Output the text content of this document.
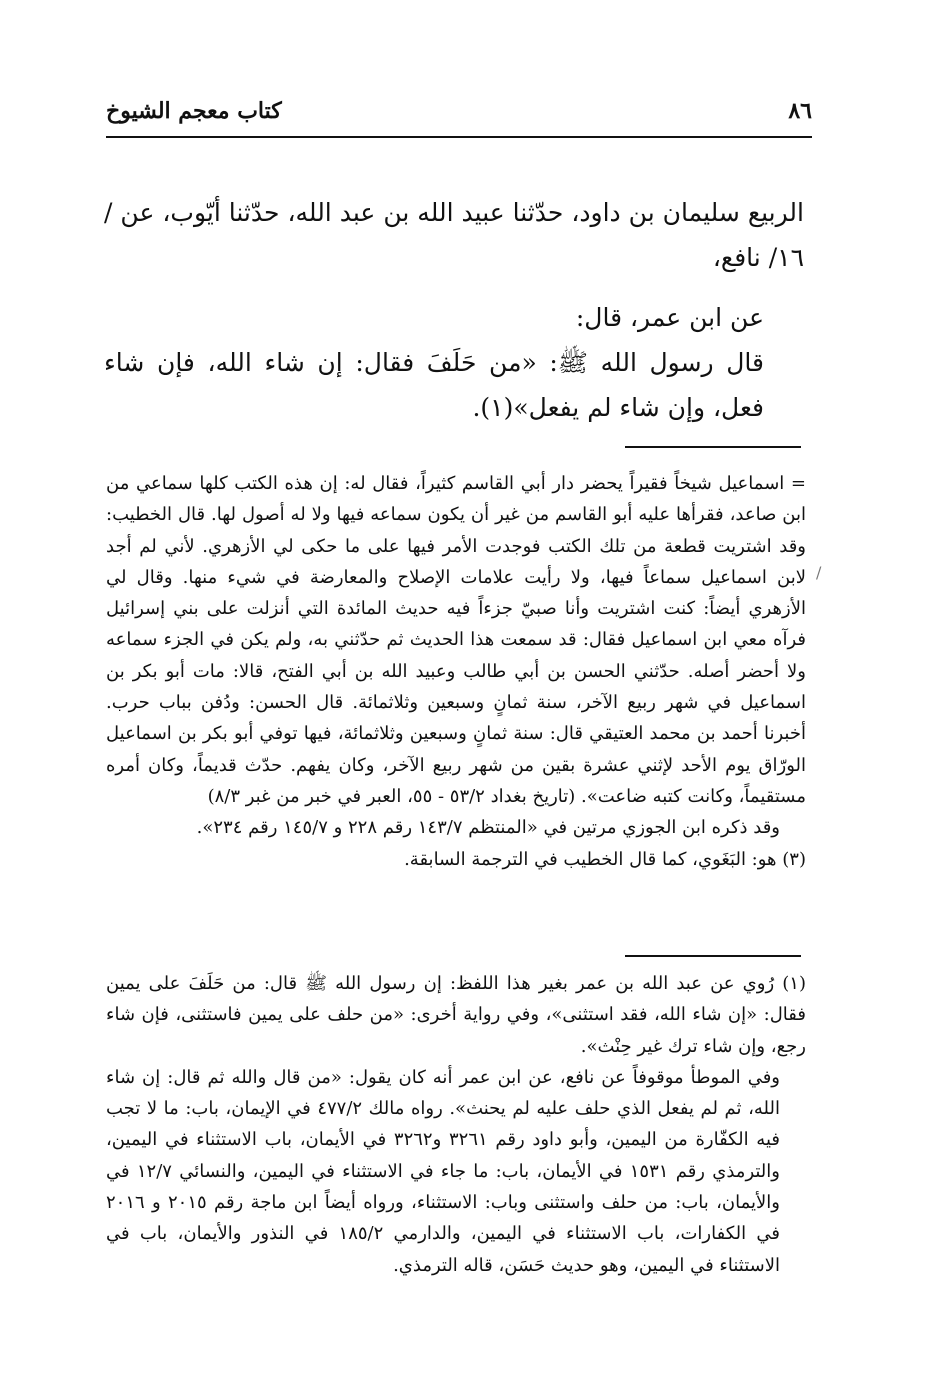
٨٦
كتاب معجم الشيوخ

الربيع سليمان بن داود، حدّثنا عبيد الله بن عبد الله، حدّثنا أيّوب، عن /١٦/ نافع،

عن ابن عمر، قال:

قال رسول الله ﷺ: «من حَلَفَ فقال: إن شاء الله، فإن شاء فعل، وإن شاء لم يفعل»(١).

= اسماعيل شيخاً فقيراً يحضر دار أبي القاسم كثيراً، فقال له: إن هذه الكتب كلها سماعي من ابن صاعد، فقرأها عليه أبو القاسم من غير أن يكون سماعه فيها ولا له أصول لها. قال الخطيب: وقد اشتريت قطعة من تلك الكتب فوجدت الأمر فيها على ما حكى لي الأزهري. لأني لم أجد لابن اسماعيل سماعاً فيها، ولا رأيت علامات الإصلاح والمعارضة في شيء منها. وقال لي الأزهري أيضاً: كنت اشتريت وأنا صبيّ جزءاً فيه حديث المائدة التي أنزلت على بني إسرائيل فرآه معي ابن اسماعيل فقال: قد سمعت هذا الحديث ثم حدّثني به، ولم يكن في الجزء سماعه ولا أحضر أصله. حدّثني الحسن بن أبي طالب وعبيد الله بن أبي الفتح، قالا: مات أبو بكر بن اسماعيل في شهر ربيع الآخر، سنة ثمانٍ وسبعين وثلاثمائة. قال الحسن: ودُفن بباب حرب. أخبرنا أحمد بن محمد العتيقي قال: سنة ثمانٍ وسبعين وثلاثمائة، فيها توفي أبو بكر بن اسماعيل الورّاق يوم الأحد لإثني عشرة بقين من شهر ربيع الآخر، وكان يفهم. حدّث قديماً، وكان أمره مستقيماً، وكانت كتبه ضاعت». (تاريخ بغداد ٥٣/٢ - ٥٥، العبر في خبر من غبر ٨/٣)

وقد ذكره ابن الجوزي مرتين في «المنتظم ١٤٣/٧ رقم ٢٢٨ و ١٤٥/٧ رقم ٢٣٤».

(٣) هو: البَغَوي، كما قال الخطيب في الترجمة السابقة.

(١) رُوي عن عبد الله بن عمر بغير هذا اللفظ: إن رسول الله ﷺ قال: من حَلَفَ على يمين فقال: «إن شاء الله، فقد استثنى»، وفي رواية أخرى: «من حلف على يمين فاستثنى، فإن شاء رجع، وإن شاء ترك غير حِنْث».

وفي الموطأ موقوفاً عن نافع، عن ابن عمر أنه كان يقول: «من قال والله ثم قال: إن شاء الله، ثم لم يفعل الذي حلف عليه لم يحنث». رواه مالك ٤٧٧/٢ في الإيمان، باب: ما لا تجب فيه الكفّارة من اليمين، وأبو داود رقم ٣٢٦١ و٣٢٦٢ في الأيمان، باب الاستثناء في اليمين، والترمذي رقم ١٥٣١ في الأيمان، باب: ما جاء في الاستثناء في اليمين، والنسائي ١٢/٧ في والأيمان، باب: من حلف واستثنى وباب: الاستثناء، ورواه أيضاً ابن ماجة رقم ٢٠١٥ و ٢٠١٦ في الكفارات، باب الاستثناء في اليمين، والدارمي ١٨٥/٢ في النذور والأيمان، باب في الاستثناء في اليمين، وهو حديث حَسَن، قاله الترمذي.

/
